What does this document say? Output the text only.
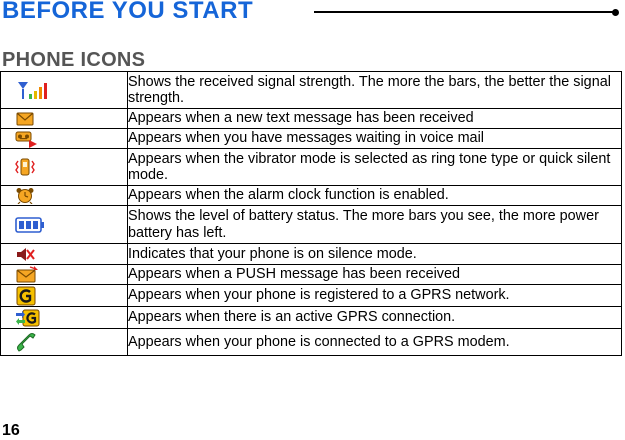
BEFORE YOU START
PHONE ICONS
	Shows the received signal strength. The more the bars, the better the signal strength.

	Appears when a new text message has been received

	Appears when you have messages waiting in voice mail

	Appears when the vibrator mode is selected as ring tone type or quick silent mode.

	Appears when the alarm clock function is enabled.

	Shows the level of battery status. The more bars you see, the more power battery has left.

	Indicates that your phone is on silence mode.

	Appears when a PUSH message has been received

	Appears when your phone is registered to a GPRS network.

	Appears when there is an active GPRS connection.

	Appears when your phone is connected to a GPRS modem.
16
